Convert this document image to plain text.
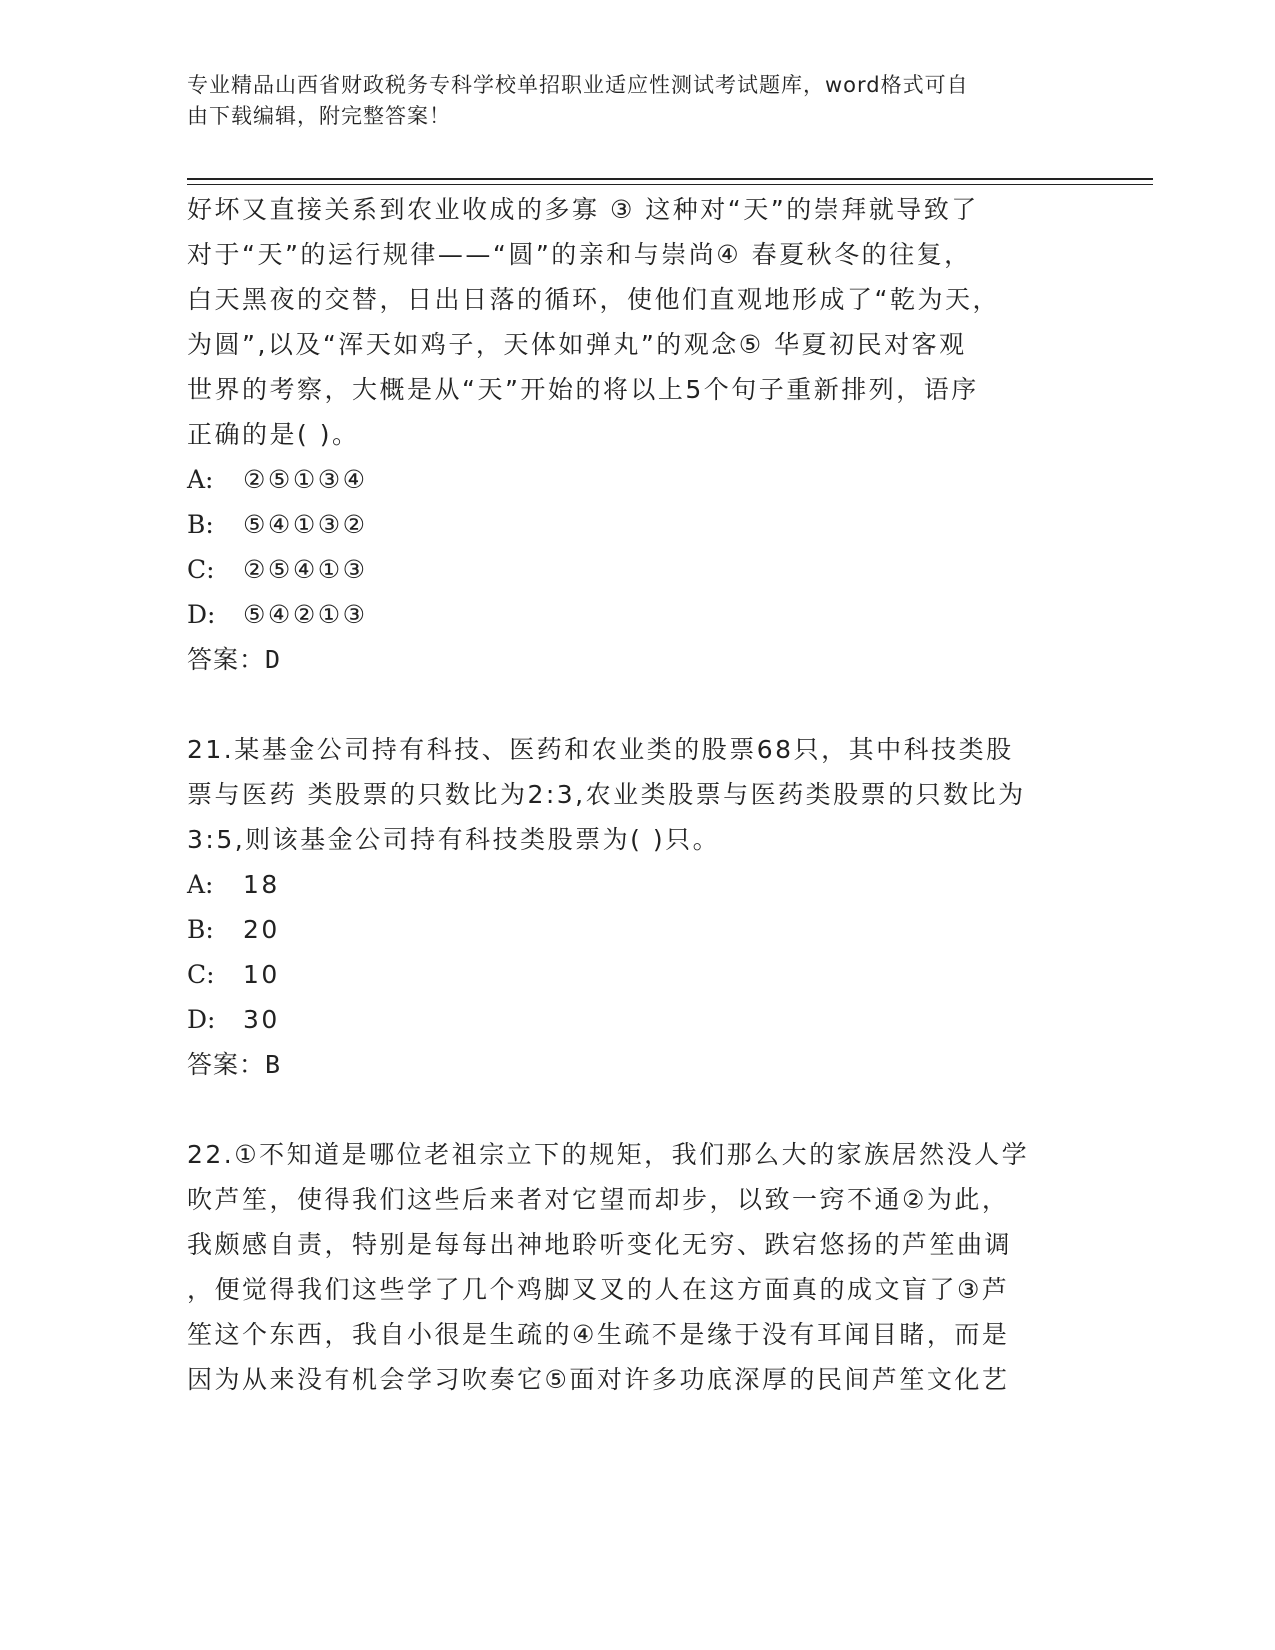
专业精品山西省财政税务专科学校单招职业适应性测试考试题库，word格式可自
由下载编辑，附完整答案！
好坏又直接关系到农业收成的多寡 ③ 这种对“天”的崇拜就导致了
对于“天”的运行规律——“圆”的亲和与崇尚④ 春夏秋冬的往复，
白天黑夜的交替，日出日落的循环，使他们直观地形成了“乾为天，
为圆”,以及“浑天如鸡子，天体如弹丸”的观念⑤ 华夏初民对客观
世界的考察，大概是从“天”开始的将以上5个句子重新排列，语序
正确的是( )。
A: ②⑤①③④
B: ⑤④①③②
C: ②⑤④①③
D: ⑤④②①③
答案：D
21.某基金公司持有科技、医药和农业类的股票68只，其中科技类股
票与医药 类股票的只数比为2:3,农业类股票与医药类股票的只数比为
3:5,则该基金公司持有科技类股票为( )只。
A: 18
B: 20
C: 10
D: 30
答案：B
22.①不知道是哪位老祖宗立下的规矩，我们那么大的家族居然没人学
吹芦笙，使得我们这些后来者对它望而却步，以致一窍不通②为此，
我颇感自责，特别是每每出神地聆听变化无穷、跌宕悠扬的芦笙曲调
，便觉得我们这些学了几个鸡脚叉叉的人在这方面真的成文盲了③芦
笙这个东西，我自小很是生疏的④生疏不是缘于没有耳闻目睹，而是
因为从来没有机会学习吹奏它⑤面对许多功底深厚的民间芦笙文化艺
